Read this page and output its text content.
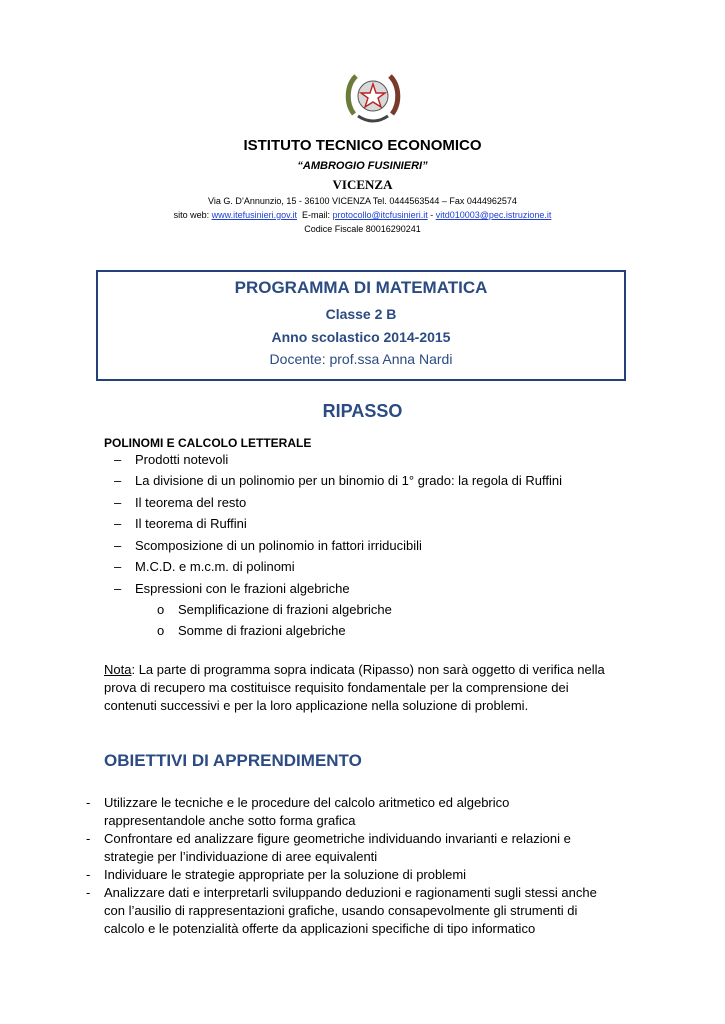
ISTITUTO TECNICO ECONOMICO
“AMBROGIO FUSINIERI”
VICENZA
Via G. D’Annunzio, 15 - 36100 VICENZA Tel. 0444563544 – Fax 0444962574
sito web: www.itefusinieri.gov.it E-mail: protocollo@itcfusinieri.it - vitd010003@pec.istruzione.it
Codice Fiscale 80016290241
PROGRAMMA DI MATEMATICA
Classe 2 B
Anno scolastico 2014-2015
Docente: prof.ssa Anna Nardi
RIPASSO
POLINOMI E CALCOLO LETTERALE
– Prodotti notevoli
– La divisione di un polinomio per un binomio di 1° grado: la regola di Ruffini
– Il teorema del resto
– Il teorema di Ruffini
– Scomposizione di un polinomio in fattori irriducibili
– M.C.D. e m.c.m. di polinomi
– Espressioni con le frazioni algebriche
o Semplificazione di frazioni algebriche
o Somme di frazioni algebriche
Nota: La parte di programma sopra indicata (Ripasso) non sarà oggetto di verifica nella prova di recupero ma costituisce requisito fondamentale per la comprensione dei contenuti successivi e per la loro applicazione nella soluzione di problemi.
OBIETTIVI DI APPRENDIMENTO
- Utilizzare le tecniche e le procedure del calcolo aritmetico ed algebrico rappresentandole anche sotto forma grafica
- Confrontare ed analizzare figure geometriche individuando invarianti e relazioni e strategie per l’individuazione di aree equivalenti
- Individuare le strategie appropriate per la soluzione di problemi
- Analizzare dati e interpretarli sviluppando deduzioni e ragionamenti sugli stessi anche con l’ausilio di rappresentazioni grafiche, usando consapevolmente gli strumenti di calcolo e le potenzialità offerte da applicazioni specifiche di tipo informatico
